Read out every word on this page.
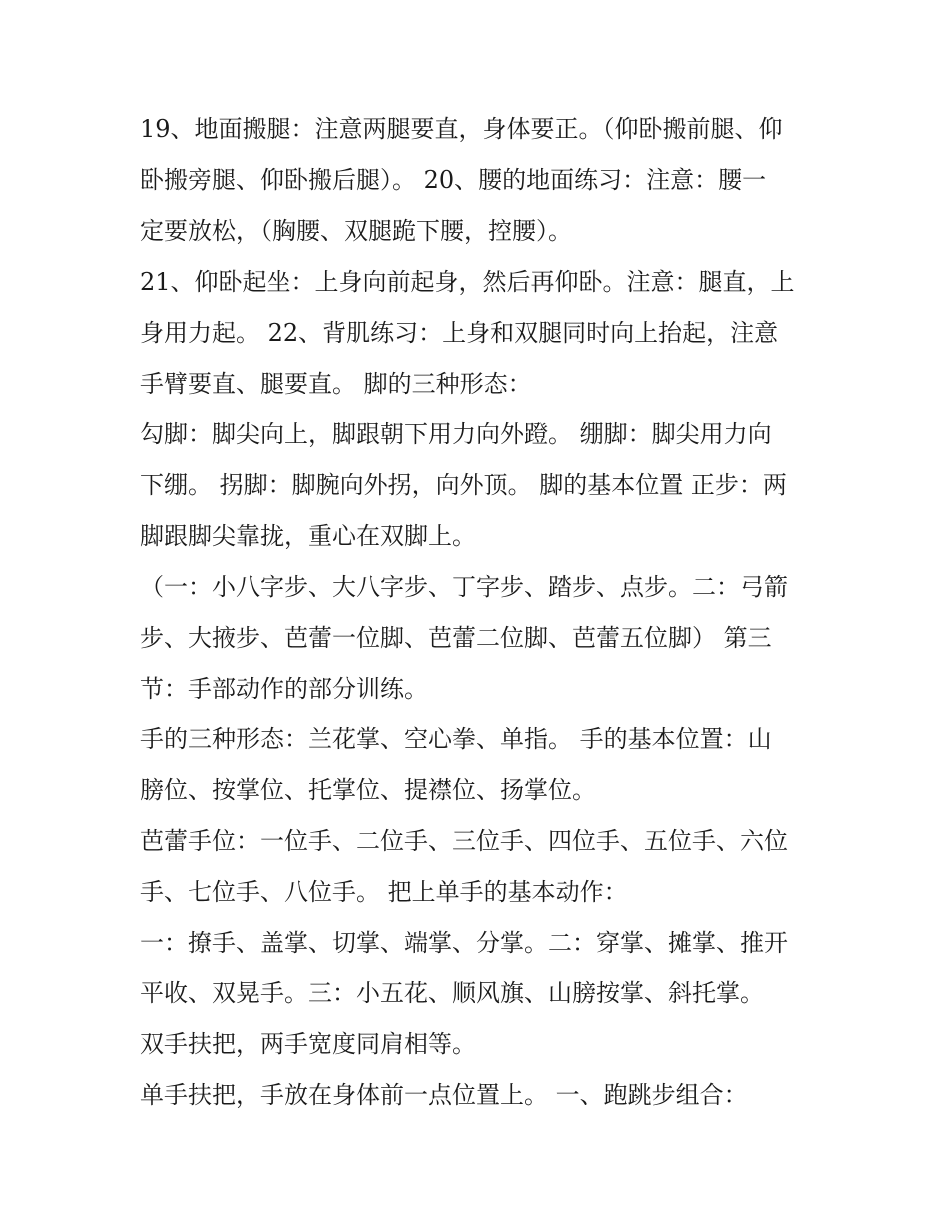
19、地面搬腿：注意两腿要直，身体要正。（仰卧搬前腿、仰
卧搬旁腿、仰卧搬后腿）。 20、腰的地面练习：注意：腰一
定要放松，（胸腰、双腿跪下腰，控腰）。
21、仰卧起坐：上身向前起身，然后再仰卧。注意：腿直，上
身用力起。 22、背肌练习：上身和双腿同时向上抬起，注意
手臂要直、腿要直。 脚的三种形态：
勾脚：脚尖向上，脚跟朝下用力向外蹬。 绷脚：脚尖用力向
下绷。 拐脚：脚腕向外拐，向外顶。 脚的基本位置 正步：两
脚跟脚尖靠拢，重心在双脚上。
（一：小八字步、大八字步、丁字步、踏步、点步。二：弓箭
步、大掖步、芭蕾一位脚、芭蕾二位脚、芭蕾五位脚） 第三
节：手部动作的部分训练。
手的三种形态：兰花掌、空心拳、单指。 手的基本位置：山
膀位、按掌位、托掌位、提襟位、扬掌位。
芭蕾手位：一位手、二位手、三位手、四位手、五位手、六位
手、七位手、八位手。 把上单手的基本动作：
一：撩手、盖掌、切掌、端掌、分掌。二：穿掌、摊掌、推开
平收、双晃手。三：小五花、顺风旗、山膀按掌、斜托掌。
双手扶把，两手宽度同肩相等。
单手扶把，手放在身体前一点位置上。 一、跑跳步组合：
